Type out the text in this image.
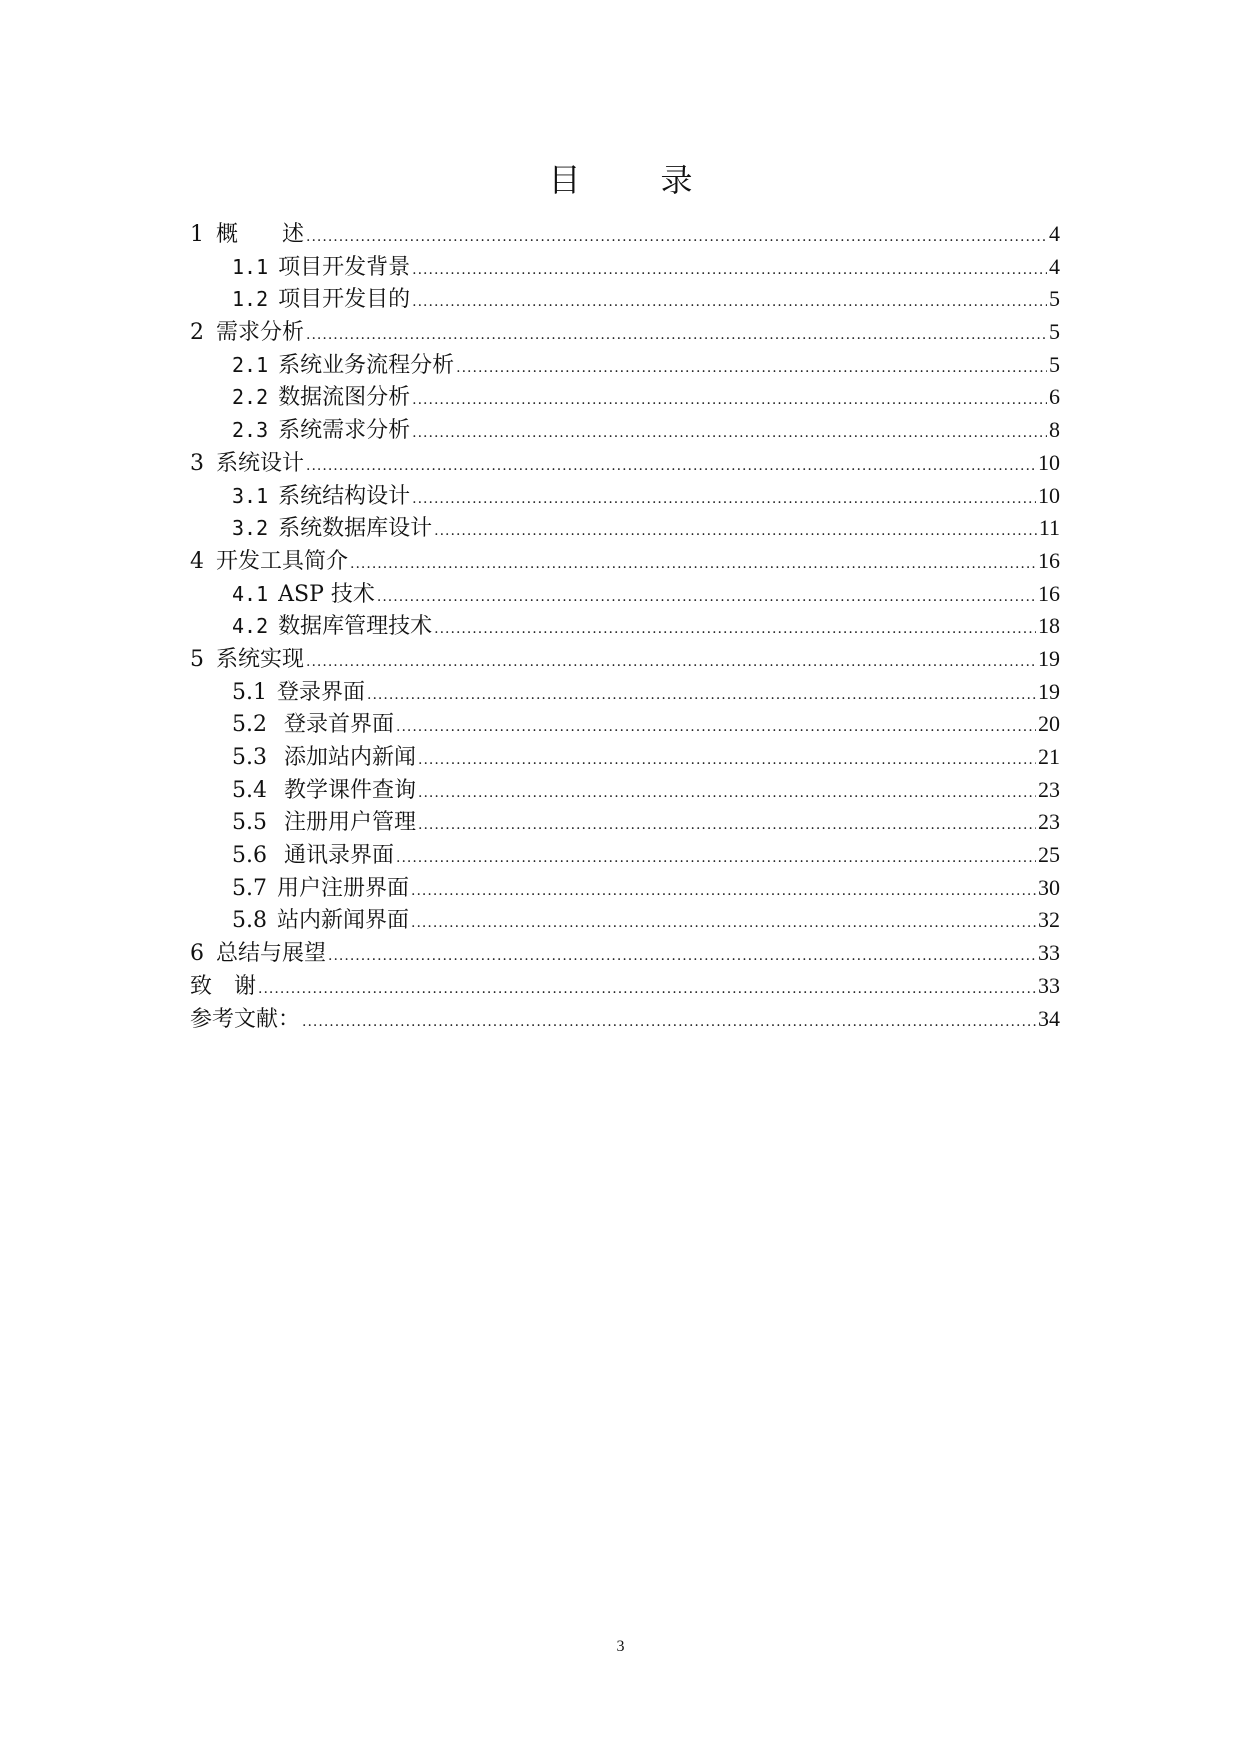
目　录
1 概　　述 .....	4
1.1 项目开发背景 .....	4
1.2 项目开发目的 .....	5
2 需求分析 .....	5
2.1 系统业务流程分析 .....	5
2.2 数据流图分析 .....	6
2.3 系统需求分析 .....	8
3 系统设计 .....	10
3.1 系统结构设计 .....	10
3.2 系统数据库设计 .....	11
4 开发工具简介 .....	16
4.1 ASP 技术 .....	16
4.2 数据库管理技术 .....	18
5 系统实现 .....	19
5.1 登录界面 .....	19
5.2 登录首界面 .....	20
5.3 添加站内新闻 .....	21
5.4 教学课件查询 .....	23
5.5 注册用户管理 .....	23
5.6 通讯录界面 .....	25
5.7 用户注册界面 .....	30
5.8 站内新闻界面 .....	32
6 总结与展望 .....	33
致　谢 .....	33
参考文献： .....	34
3
